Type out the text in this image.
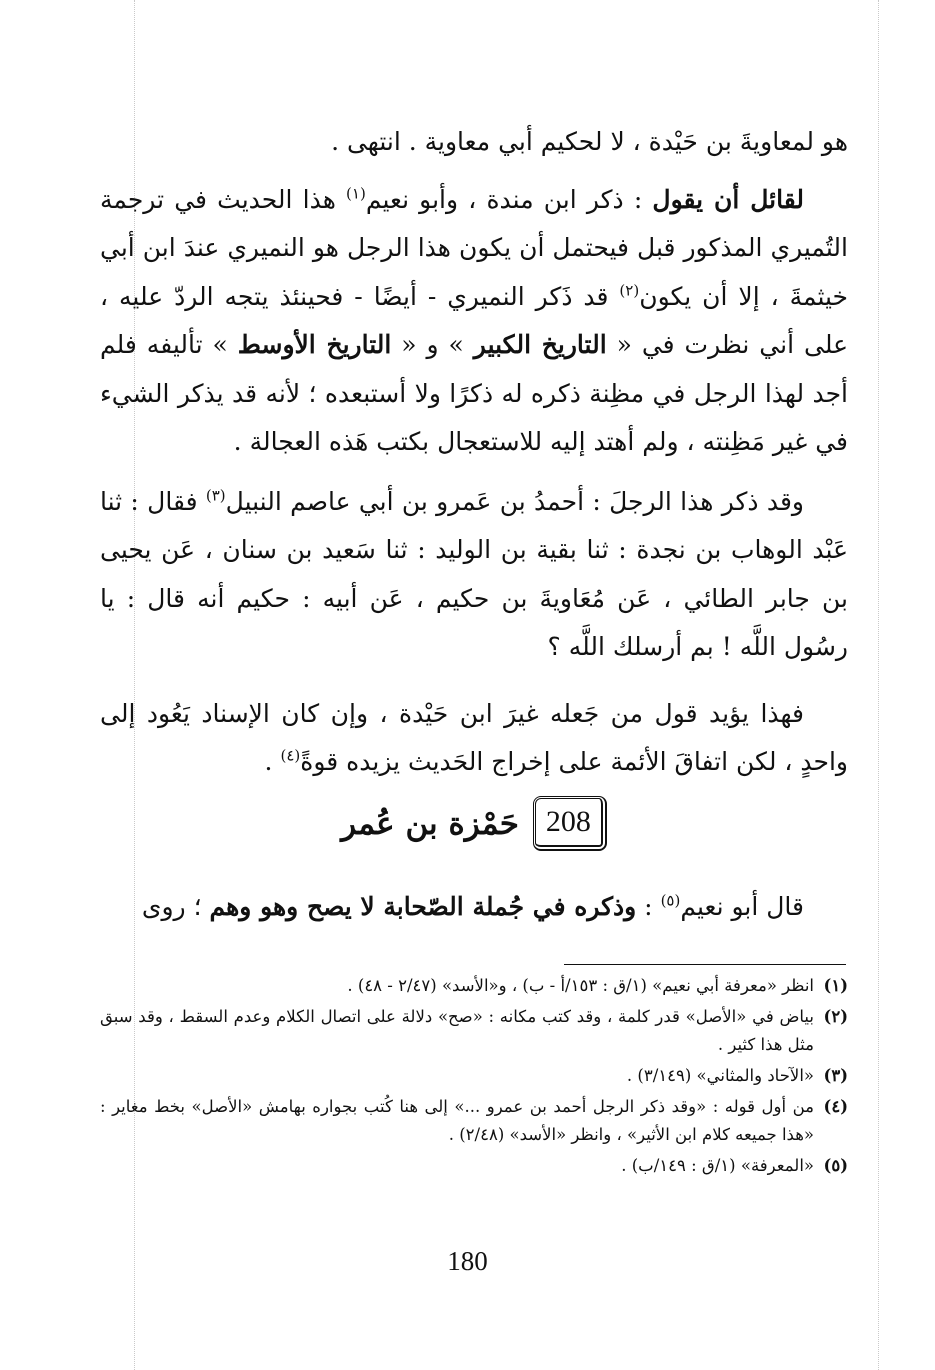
هو لمعاويةَ بن حَيْدة ، لا لحكيم أبي معاوية . انتهى .

لقائل أن يقول : ذكر ابن مندة ، وأبو نعيم$^{(١)}$ هذا الحديث في ترجمة التُميري المذكور قبل فيحتمل أن يكون هذا الرجل هو النميري عندَ ابن أبي خيثمةَ ، إلا أن يكون$^{(٢)}$ قد ذَكر النميري - أيضًا - فحينئذ يتجه الردّ عليه ، على أني نظرت في « التاريخ الكبير » و « التاريخ الأوسط » تأليفه فلم أجد لهذا الرجل في مظِنة ذكره له ذكرًا ولا أستبعده ؛ لأنه قد يذكر الشيء في غير مَظِنته ، ولم أهتد إليه للاستعجال بكتب هَذه العجالة .

وقد ذكر هذا الرجلَ : أحمدُ بن عَمرو بن أبي عاصم النبيل$^{(٣)}$ فقال : ثنا عَبْد الوهاب بن نجدة : ثنا بقية بن الوليد : ثنا سَعيد بن سنان ، عَن يحيى بن جابر الطائي ، عَن مُعَاويةَ بن حكيم ، عَن أبيه : حكيم أنه قال : يا رسُول اللَّه ! بم أرسلك اللَّه ؟

فهذا يؤيد قول من جَعله غيرَ ابن حَيْدة ، وإن كان الإسناد يَعُود إلى واحدٍ ، لكن اتفاقَ الأئمة على إخراج الحَديث يزيده قوةً$^{(٤)}$ .

208
حَمْزة بن عُمر

قال أبو نعيم$^{(٥)}$ : وذكره في جُملة الصّحابة لا يصح وهو وهم ؛ روى

(١)
انظر «معرفة أبي نعيم» (١/ق : ١٥٣/أ - ب) ، و«الأسد» (٢/٤٧ - ٤٨) .
(٢)
بياض في «الأصل» قدر كلمة ، وقد كتب مكانه : «صح» دلالة على اتصال الكلام وعدم السقط ، وقد سبق مثل هذا كثير .
(٣)
«الآحاد والمثاني» (٣/١٤٩) .
(٤)
من أول قوله : «وقد ذكر الرجل أحمد بن عمرو ...» إلى هنا كُتب بجواره بهامش «الأصل» بخط مغاير : «هذا جميعه كلام ابن الأثير» ، وانظر «الأسد» (٢/٤٨) .
(٥)
«المعرفة» (١/ق : ١٤٩/ب) .
180
